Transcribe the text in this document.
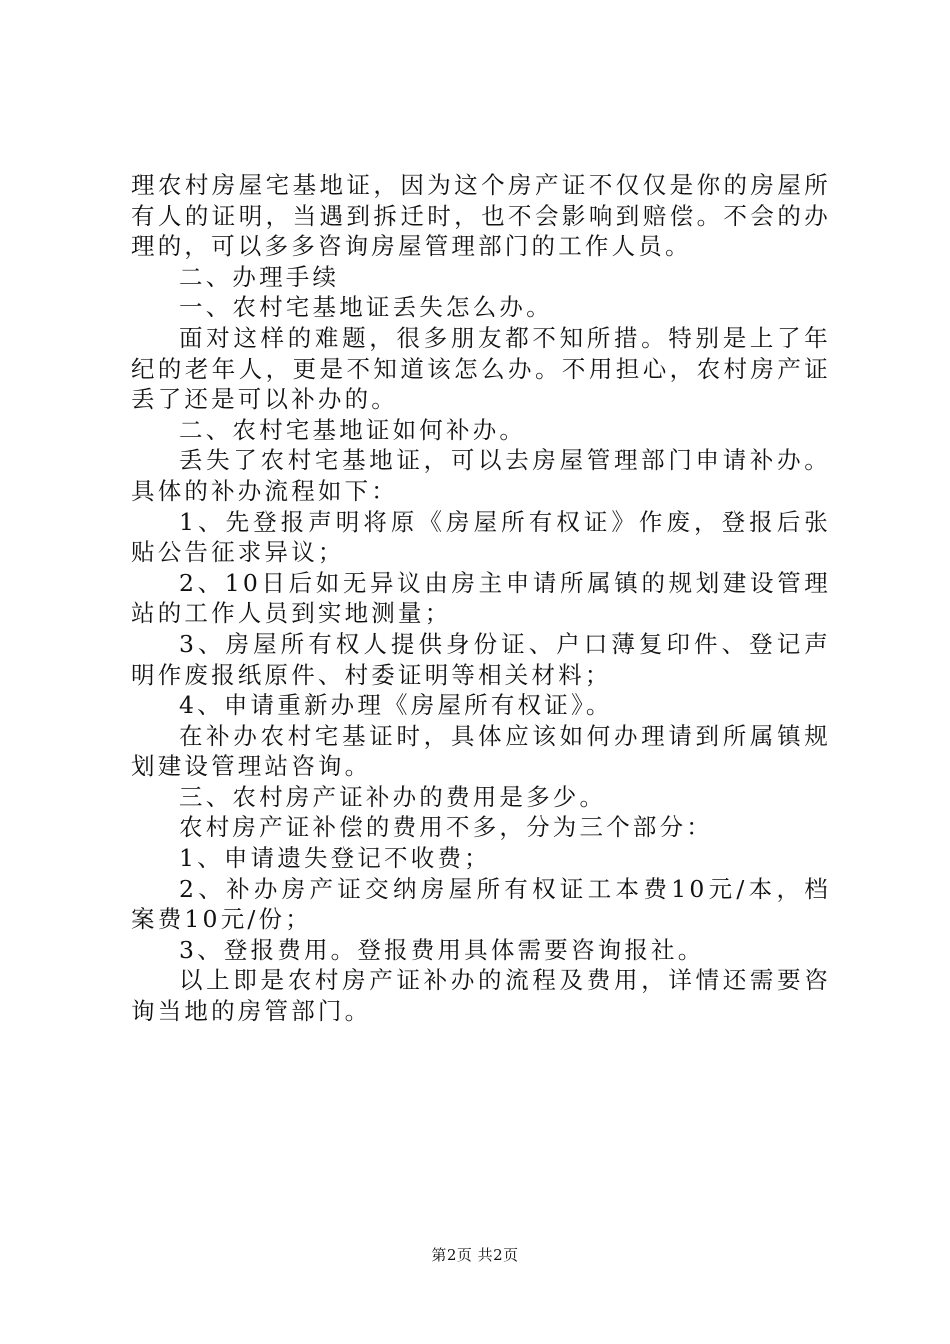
理农村房屋宅基地证，因为这个房产证不仅仅是你的房屋所有人的证明，当遇到拆迁时，也不会影响到赔偿。不会的办理的，可以多多咨询房屋管理部门的工作人员。

二、办理手续

一、农村宅基地证丢失怎么办。

面对这样的难题，很多朋友都不知所措。特别是上了年纪的老年人，更是不知道该怎么办。不用担心，农村房产证丢了还是可以补办的。

二、农村宅基地证如何补办。

丢失了农村宅基地证，可以去房屋管理部门申请补办。具体的补办流程如下：

1、先登报声明将原《房屋所有权证》作废，登报后张贴公告征求异议；

2、10日后如无异议由房主申请所属镇的规划建设管理站的工作人员到实地测量；

3、房屋所有权人提供身份证、户口薄复印件、登记声明作废报纸原件、村委证明等相关材料；

4、申请重新办理《房屋所有权证》。

在补办农村宅基证时，具体应该如何办理请到所属镇规划建设管理站咨询。

三、农村房产证补办的费用是多少。

农村房产证补偿的费用不多，分为三个部分：

1、申请遗失登记不收费；

2、补办房产证交纳房屋所有权证工本费10元/本，档案费10元/份；

3、登报费用。登报费用具体需要咨询报社。

以上即是农村房产证补办的流程及费用，详情还需要咨询当地的房管部门。

第2页 共2页
